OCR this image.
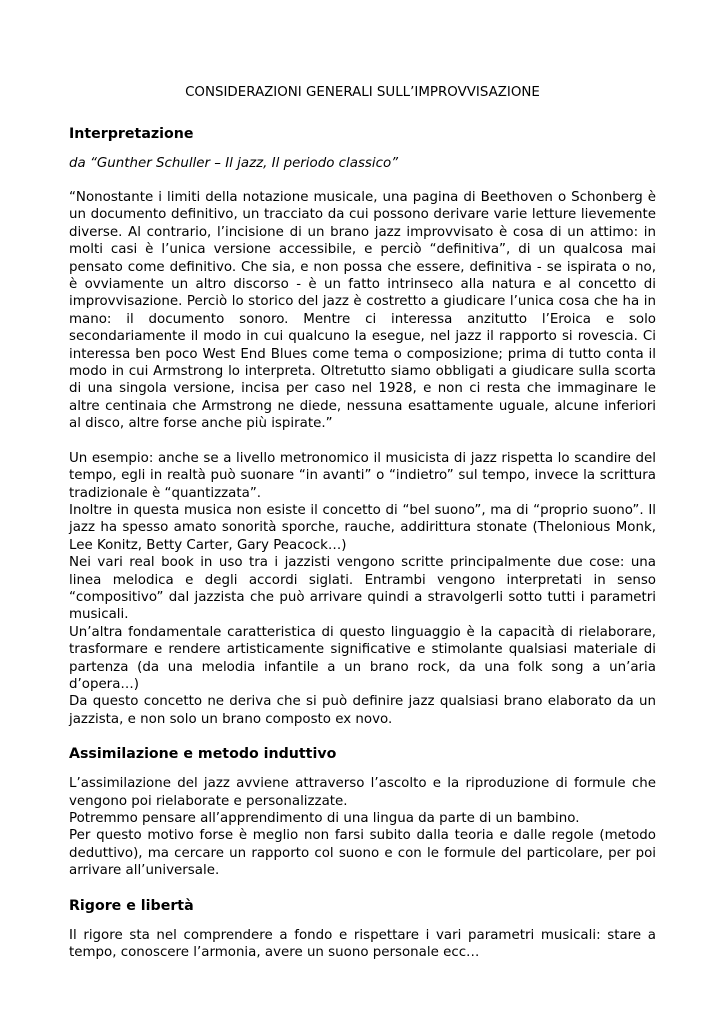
CONSIDERAZIONI GENERALI SULL’IMPROVVISAZIONE
Interpretazione
da “Gunther Schuller – Il jazz, Il periodo classico”

“Nonostante i limiti della notazione musicale, una pagina di Beethoven o Schonberg è un documento definitivo, un tracciato da cui possono derivare varie letture lievemente diverse. Al contrario, l’incisione di un brano jazz improvvisato è cosa di un attimo: in molti casi è l’unica versione accessibile, e perciò “definitiva”, di un qualcosa mai pensato come definitivo. Che sia, e non possa che essere, definitiva - se ispirata o no, è ovviamente un altro discorso - è un fatto intrinseco alla natura e al concetto di improvvisazione. Perciò lo storico del jazz è costretto a giudicare l’unica cosa che ha in mano: il documento sonoro. Mentre ci interessa anzitutto l’Eroica e solo secondariamente il modo in cui qualcuno la esegue, nel jazz il rapporto si rovescia. Ci interessa ben poco West End Blues come tema o composizione; prima di tutto conta il modo in cui Armstrong lo interpreta. Oltretutto siamo obbligati a giudicare sulla scorta di una singola versione, incisa per caso nel 1928, e non ci resta che immaginare le altre centinaia che Armstrong ne diede, nessuna esattamente uguale, alcune inferiori al disco, altre forse anche più ispirate.”

Un esempio: anche se a livello metronomico il musicista di jazz rispetta lo scandire del tempo, egli in realtà può suonare “in avanti” o “indietro” sul tempo, invece la scrittura tradizionale è “quantizzata”.

Inoltre in questa musica non esiste il concetto di “bel suono”, ma di “proprio suono”. Il jazz ha spesso amato sonorità sporche, rauche, addirittura stonate (Thelonious Monk, Lee Konitz, Betty Carter, Gary Peacock…)

Nei vari real book in uso tra i jazzisti vengono scritte principalmente due cose: una linea melodica e degli accordi siglati. Entrambi vengono interpretati in senso “compositivo” dal jazzista che può arrivare quindi a stravolgerli sotto tutti i parametri musicali.

Un’altra fondamentale caratteristica di questo linguaggio è la capacità di rielaborare, trasformare e rendere artisticamente significative e stimolante qualsiasi materiale di partenza (da una melodia infantile a un brano rock, da una folk song a un’aria d’opera…)

Da questo concetto ne deriva che si può definire jazz qualsiasi brano elaborato da un jazzista, e non solo un brano composto ex novo.

Assimilazione e metodo induttivo

L’assimilazione del jazz avviene attraverso l’ascolto e la riproduzione di formule che vengono poi rielaborate e personalizzate.

Potremmo pensare all’apprendimento di una lingua da parte di un bambino.

Per questo motivo forse è meglio non farsi subito dalla teoria e dalle regole (metodo deduttivo), ma cercare un rapporto col suono e con le formule del particolare, per poi arrivare all’universale.

Rigore e libertà

Il rigore sta nel comprendere a fondo e rispettare i vari parametri musicali: stare a tempo, conoscere l’armonia, avere un suono personale ecc…
